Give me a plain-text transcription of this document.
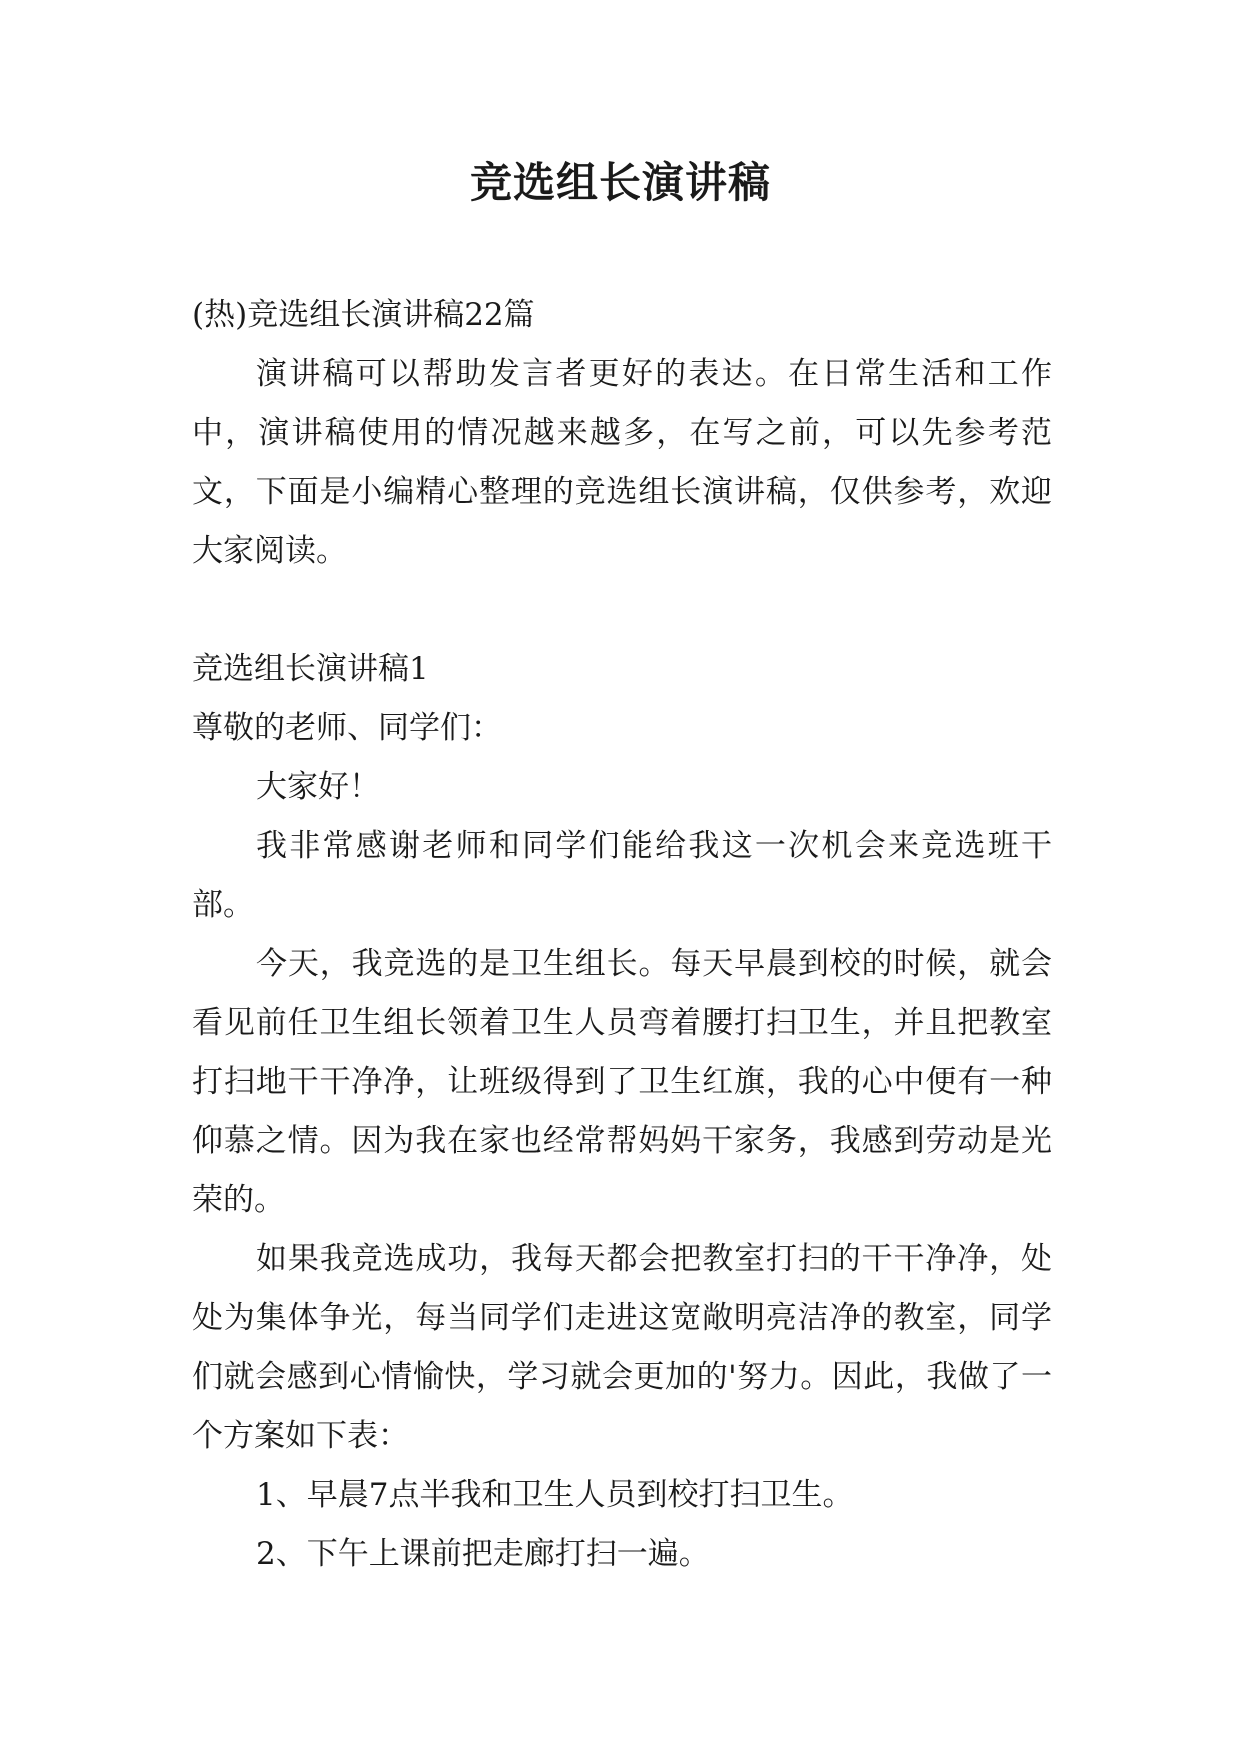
竞选组长演讲稿

(热)竞选组长演讲稿22篇

演讲稿可以帮助发言者更好的表达。在日常生活和工作中，演讲稿使用的情况越来越多，在写之前，可以先参考范文，下面是小编精心整理的竞选组长演讲稿，仅供参考，欢迎大家阅读。

竞选组长演讲稿1

尊敬的老师、同学们：

大家好！

我非常感谢老师和同学们能给我这一次机会来竞选班干部。

今天，我竞选的是卫生组长。每天早晨到校的时候，就会看见前任卫生组长领着卫生人员弯着腰打扫卫生，并且把教室打扫地干干净净，让班级得到了卫生红旗，我的心中便有一种仰慕之情。因为我在家也经常帮妈妈干家务，我感到劳动是光荣的。

如果我竞选成功，我每天都会把教室打扫的干干净净，处处为集体争光，每当同学们走进这宽敞明亮洁净的教室，同学们就会感到心情愉快，学习就会更加的'努力。因此，我做了一个方案如下表：

1、早晨7点半我和卫生人员到校打扫卫生。

2、下午上课前把走廊打扫一遍。
